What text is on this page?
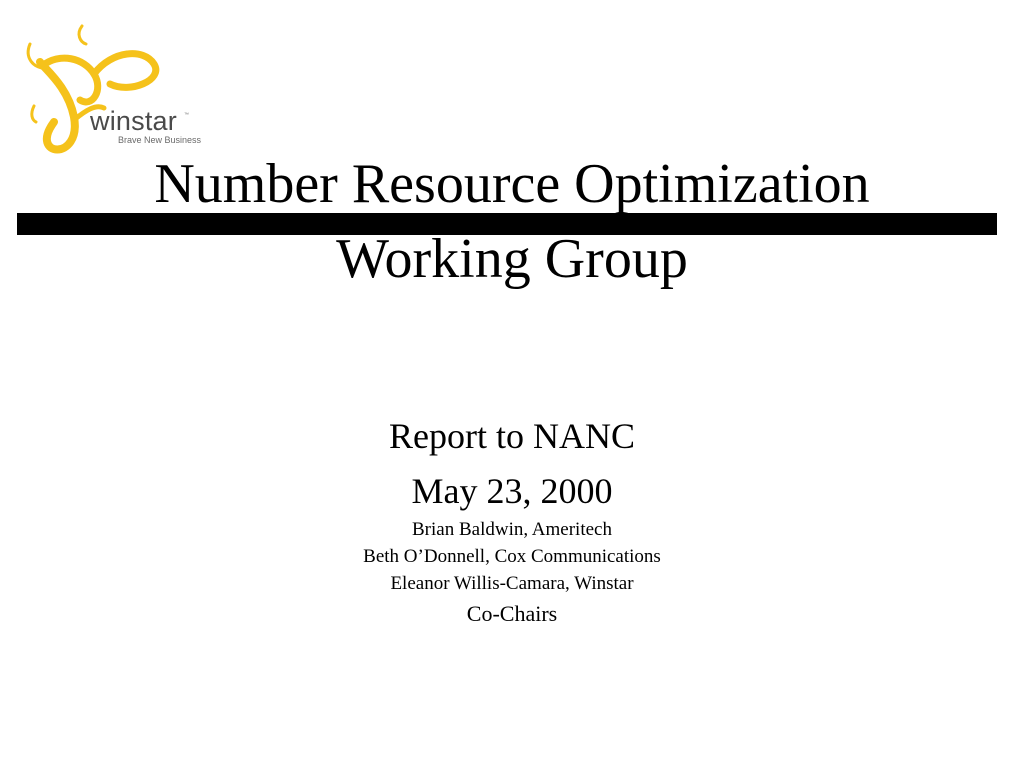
winstar ™
Brave New Business
Number Resource Optimization
Working Group
Report to NANC
May 23, 2000
Brian Baldwin, Ameritech
Beth O’Donnell, Cox Communications
Eleanor Willis-Camara, Winstar
Co-Chairs
